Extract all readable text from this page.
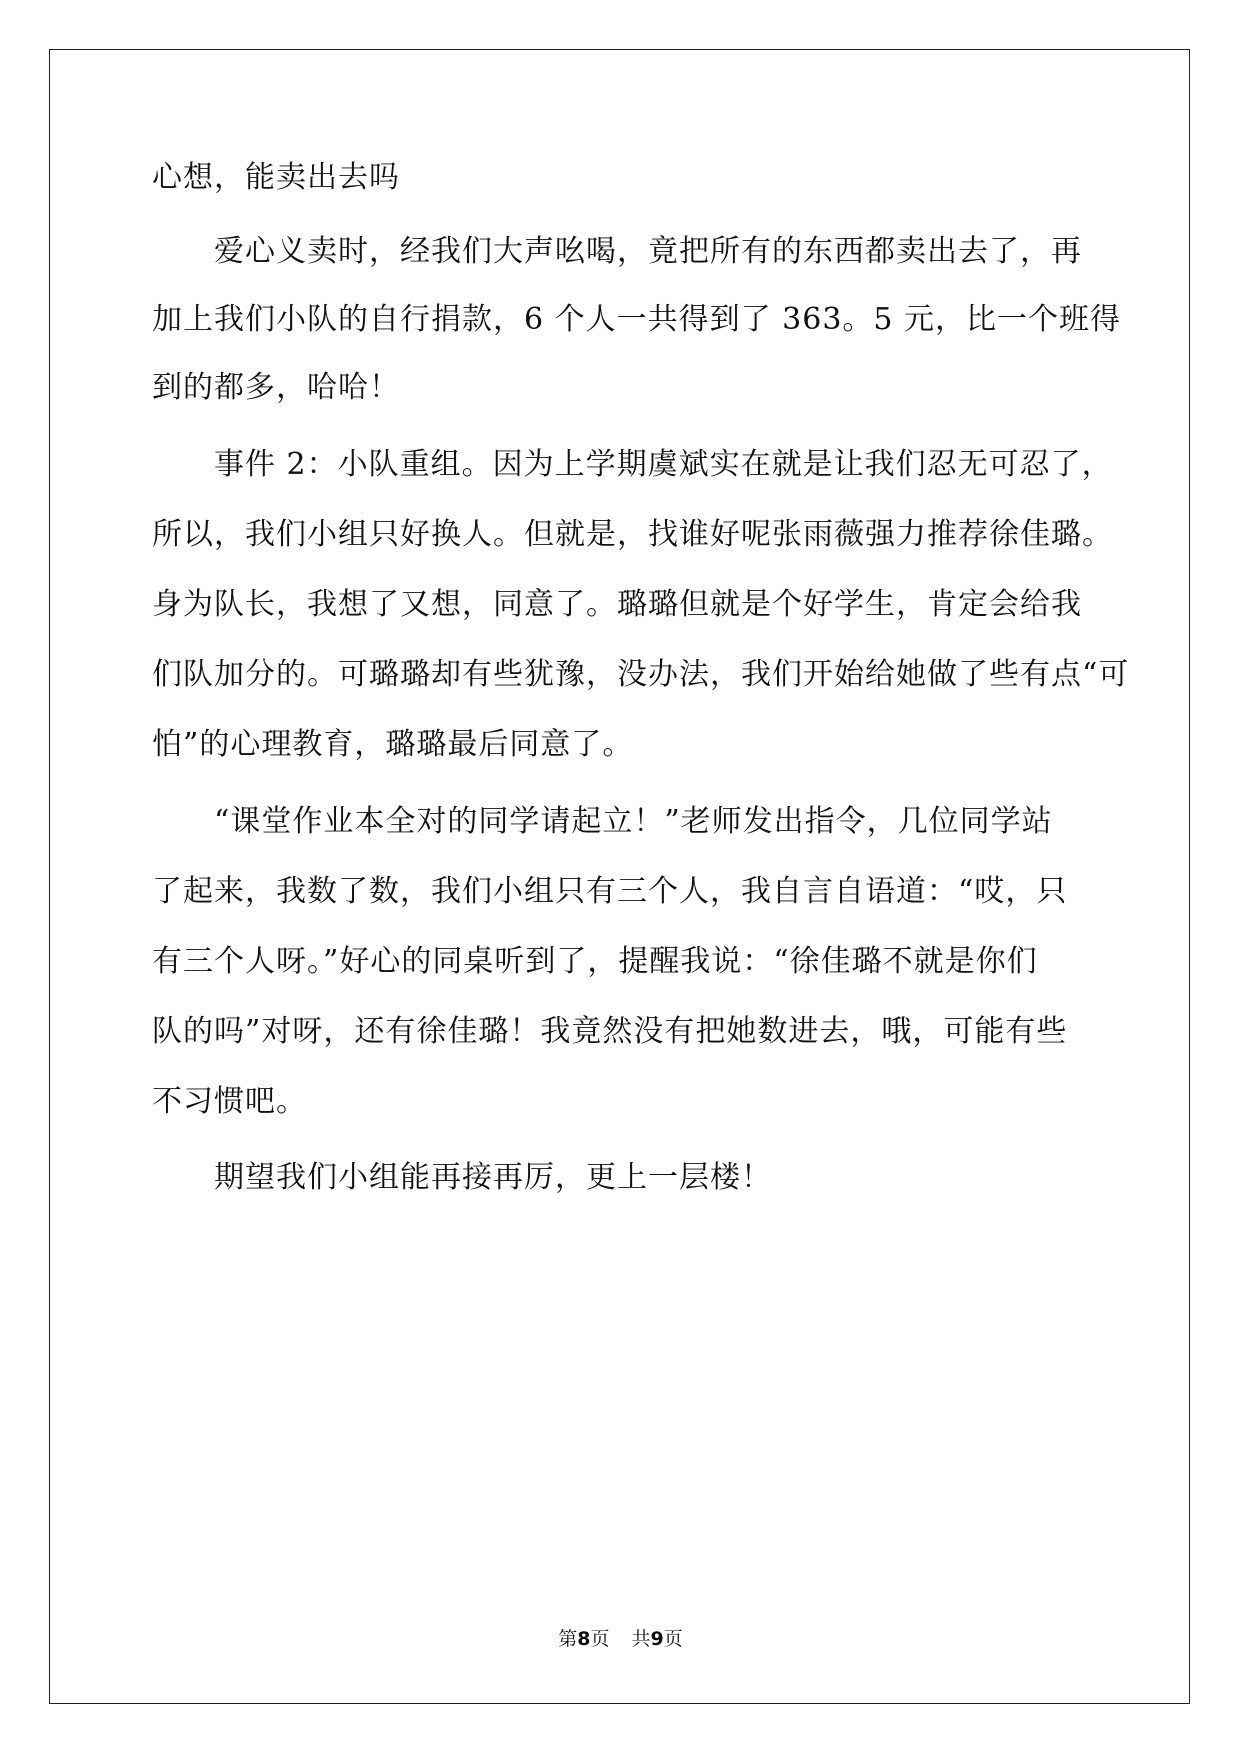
心想，能卖出去吗
爱心义卖时，经我们大声吆喝，竟把所有的东西都卖出去了，再
加上我们小队的自行捐款，6 个人一共得到了 363。5 元，比一个班得
到的都多，哈哈！
事件 2：小队重组。因为上学期虞斌实在就是让我们忍无可忍了，
所以，我们小组只好换人。但就是，找谁好呢张雨薇强力推荐徐佳璐。
身为队长，我想了又想，同意了。璐璐但就是个好学生，肯定会给我
们队加分的。可璐璐却有些犹豫，没办法，我们开始给她做了些有点“可
怕”的心理教育，璐璐最后同意了。
“课堂作业本全对的同学请起立！”老师发出指令，几位同学站
了起来，我数了数，我们小组只有三个人，我自言自语道：“哎，只
有三个人呀。”好心的同桌听到了，提醒我说：“徐佳璐不就是你们
队的吗”对呀，还有徐佳璐！我竟然没有把她数进去，哦，可能有些
不习惯吧。
期望我们小组能再接再厉，更上一层楼！
第8页 共9页
